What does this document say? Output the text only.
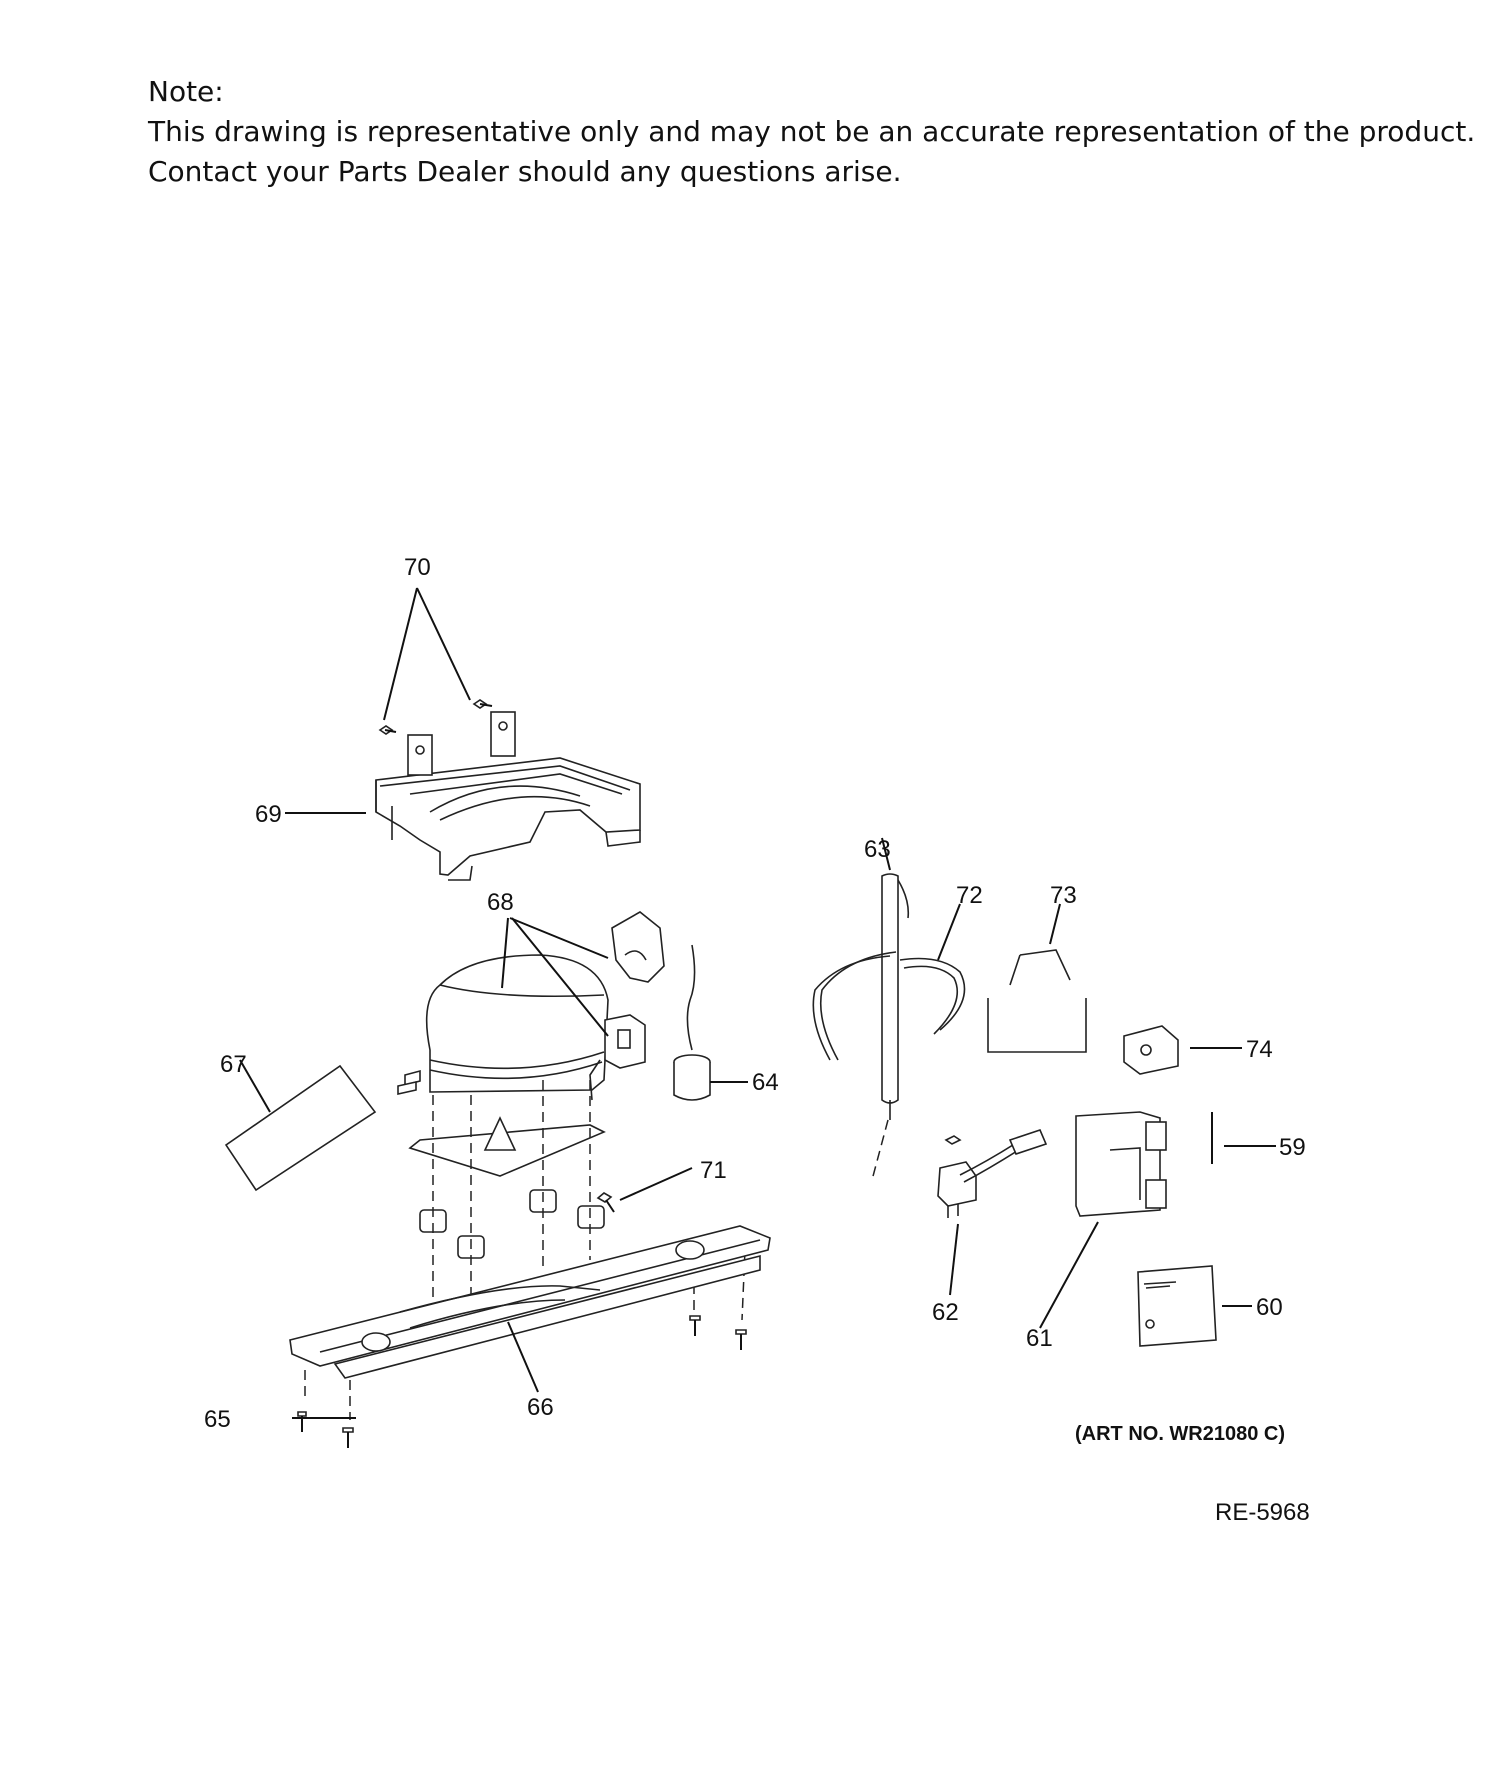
Note:
This drawing is representative only and may not be an accurate representation of the product.
Contact your Parts Dealer should any questions arise.
70
69
68
67
64
71
65	66
63
72	73
74
59
60
61
62
(ART NO. WR21080 C)
RE-5968
